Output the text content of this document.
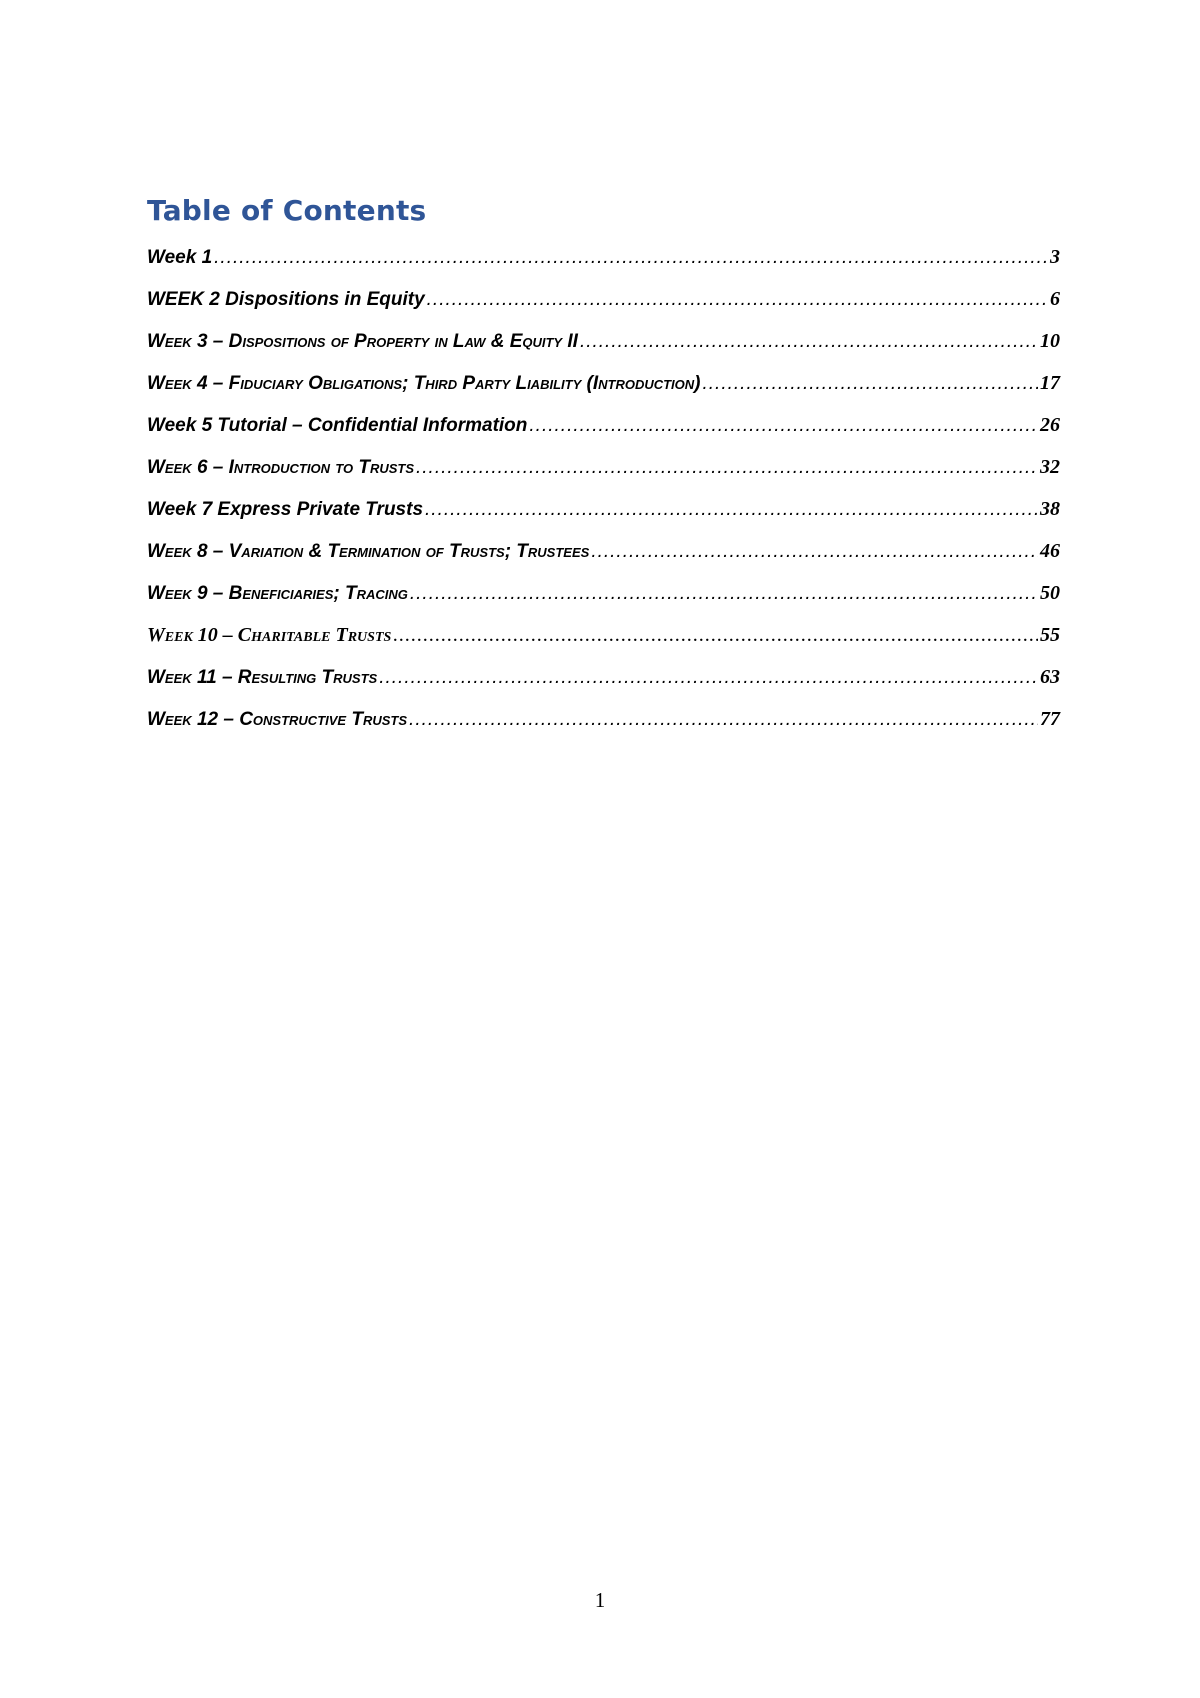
Table of Contents
Week 1 .....	3
WEEK 2 Dispositions in Equity .....	6
Week 3 – Dispositions of Property in Law & Equity II .....	10
Week 4 – Fiduciary Obligations; Third Party Liability (Introduction) .....	17
Week 5 Tutorial – Confidential Information .....	26
Week 6 – Introduction to Trusts .....	32
Week 7 Express Private Trusts .....	38
Week 8 – Variation & Termination of Trusts; Trustees .....	46
Week 9 – Beneficiaries; Tracing .....	50
Week 10 – Charitable Trusts .....	55
Week 11 – Resulting Trusts .....	63
Week 12 – Constructive Trusts .....	77
1
